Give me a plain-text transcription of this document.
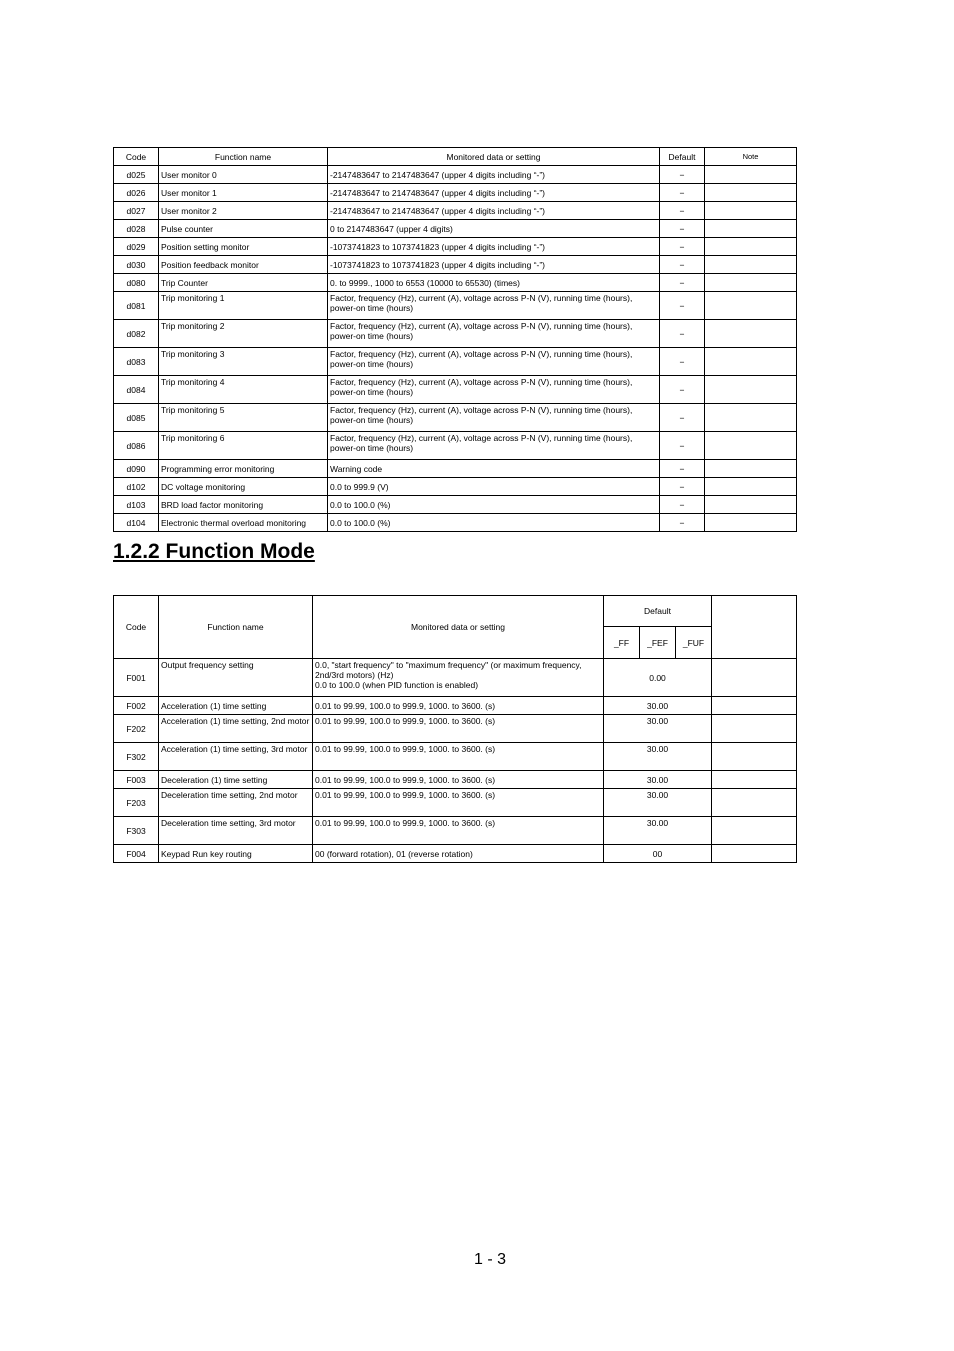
Code	Function name	Monitored data or setting	Default	Note
d025	User monitor 0	-2147483647 to 2147483647 (upper 4 digits including “-”)	−	
d026	User monitor 1	-2147483647 to 2147483647 (upper 4 digits including “-”)	−	
d027	User monitor 2	-2147483647 to 2147483647 (upper 4 digits including “-”)	−	
d028	Pulse counter	0 to 2147483647 (upper 4 digits)	−	
d029	Position setting monitor	-1073741823 to 1073741823 (upper 4 digits including “-”)	−	
d030	Position feedback monitor	-1073741823 to 1073741823 (upper 4 digits including “-”)	−	
d080	Trip Counter	0. to 9999., 1000 to 6553 (10000 to 65530) (times)	−	
d081	Trip monitoring 1	Factor, frequency (Hz), current (A), voltage across P-N (V), running time (hours), power-on time (hours)	−	
d082	Trip monitoring 2	Factor, frequency (Hz), current (A), voltage across P-N (V), running time (hours), power-on time (hours)	−	
d083	Trip monitoring 3	Factor, frequency (Hz), current (A), voltage across P-N (V), running time (hours), power-on time (hours)	−	
d084	Trip monitoring 4	Factor, frequency (Hz), current (A), voltage across P-N (V), running time (hours), power-on time (hours)	−	
d085	Trip monitoring 5	Factor, frequency (Hz), current (A), voltage across P-N (V), running time (hours), power-on time (hours)	−	
d086	Trip monitoring 6	Factor, frequency (Hz), current (A), voltage across P-N (V), running time (hours), power-on time (hours)	−	
d090	Programming error monitoring	Warning code	−	
d102	DC voltage monitoring	0.0 to 999.9 (V)	−	
d103	BRD load factor monitoring	0.0 to 100.0 (%)	−	
d104	Electronic thermal overload monitoring	0.0 to 100.0 (%)	−	
1.2.2 Function Mode
Code	Function name	Monitored data or setting	Default			
			_FF	_FEF	_FUF	
F001	Output frequency setting	0.0, "start frequency" to "maximum frequency" (or maximum frequency, 2nd/3rd motors) (Hz)
0.0 to 100.0 (when PID function is enabled)	0.00			
F002	Acceleration (1) time setting	0.01 to 99.99, 100.0 to 999.9, 1000. to 3600. (s)	30.00			
F202	Acceleration (1) time setting, 2nd motor	0.01 to 99.99, 100.0 to 999.9, 1000. to 3600. (s)	30.00			
F302	Acceleration (1) time setting, 3rd motor	0.01 to 99.99, 100.0 to 999.9, 1000. to 3600. (s)	30.00			
F003	Deceleration (1) time setting	0.01 to 99.99, 100.0 to 999.9, 1000. to 3600. (s)	30.00			
F203	Deceleration time setting, 2nd motor	0.01 to 99.99, 100.0 to 999.9, 1000. to 3600. (s)	30.00			
F303	Deceleration time setting, 3rd motor	0.01 to 99.99, 100.0 to 999.9, 1000. to 3600. (s)	30.00			
F004	Keypad Run key routing	00 (forward rotation), 01 (reverse rotation)	00			
1 - 3
